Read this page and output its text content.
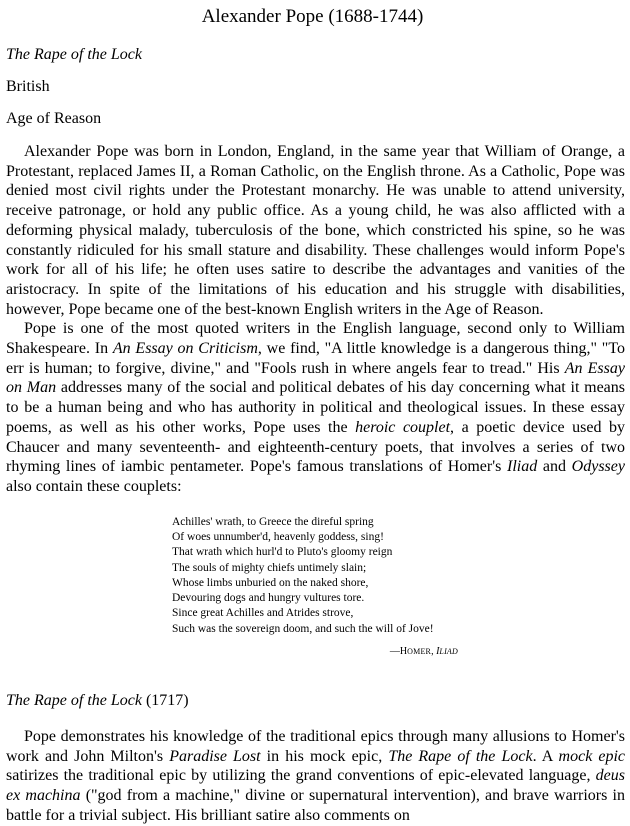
Alexander Pope (1688-1744)
The Rape of the Lock
British
Age of Reason

Alexander Pope was born in London, England, in the same year that William of Orange, a Protestant, replaced James II, a Roman Catholic, on the English throne. As a Catholic, Pope was denied most civil rights under the Protestant monarchy. He was unable to attend university, receive patronage, or hold any public office. As a young child, he was also afflicted with a deforming physical malady, tuberculosis of the bone, which constricted his spine, so he was constantly ridiculed for his small stature and disability. These challenges would inform Pope's work for all of his life; he often uses satire to describe the advantages and vanities of the aristocracy. In spite of the limitations of his education and his struggle with disabilities, however, Pope became one of the best-known English writers in the Age of Reason.

Pope is one of the most quoted writers in the English language, second only to William Shakespeare. In An Essay on Criticism, we find, "A little knowledge is a dangerous thing," "To err is human; to forgive, divine," and "Fools rush in where angels fear to tread." His An Essay on Man addresses many of the social and political debates of his day concerning what it means to be a human being and who has authority in political and theological issues. In these essay poems, as well as his other works, Pope uses the heroic couplet, a poetic device used by Chaucer and many seventeenth- and eighteenth-century poets, that involves a series of two rhyming lines of iambic pentameter. Pope's famous translations of Homer's Iliad and Odyssey also contain these couplets:

Achilles' wrath, to Greece the direful spring
Of woes unnumber'd, heavenly goddess, sing!
That wrath which hurl'd to Pluto's gloomy reign
The souls of mighty chiefs untimely slain;
Whose limbs unburied on the naked shore,
Devouring dogs and hungry vultures tore.
Since great Achilles and Atrides strove,
Such was the sovereign doom, and such the will of Jove!
—HOMER, ILIAD
The Rape of the Lock (1717)

Pope demonstrates his knowledge of the traditional epics through many allusions to Homer's work and John Milton's Paradise Lost in his mock epic, The Rape of the Lock. A mock epic satirizes the traditional epic by utilizing the grand conventions of epic-elevated language, deus ex machina ("god from a machine," divine or supernatural intervention), and brave warriors in battle for a trivial subject. His brilliant satire also comments on
